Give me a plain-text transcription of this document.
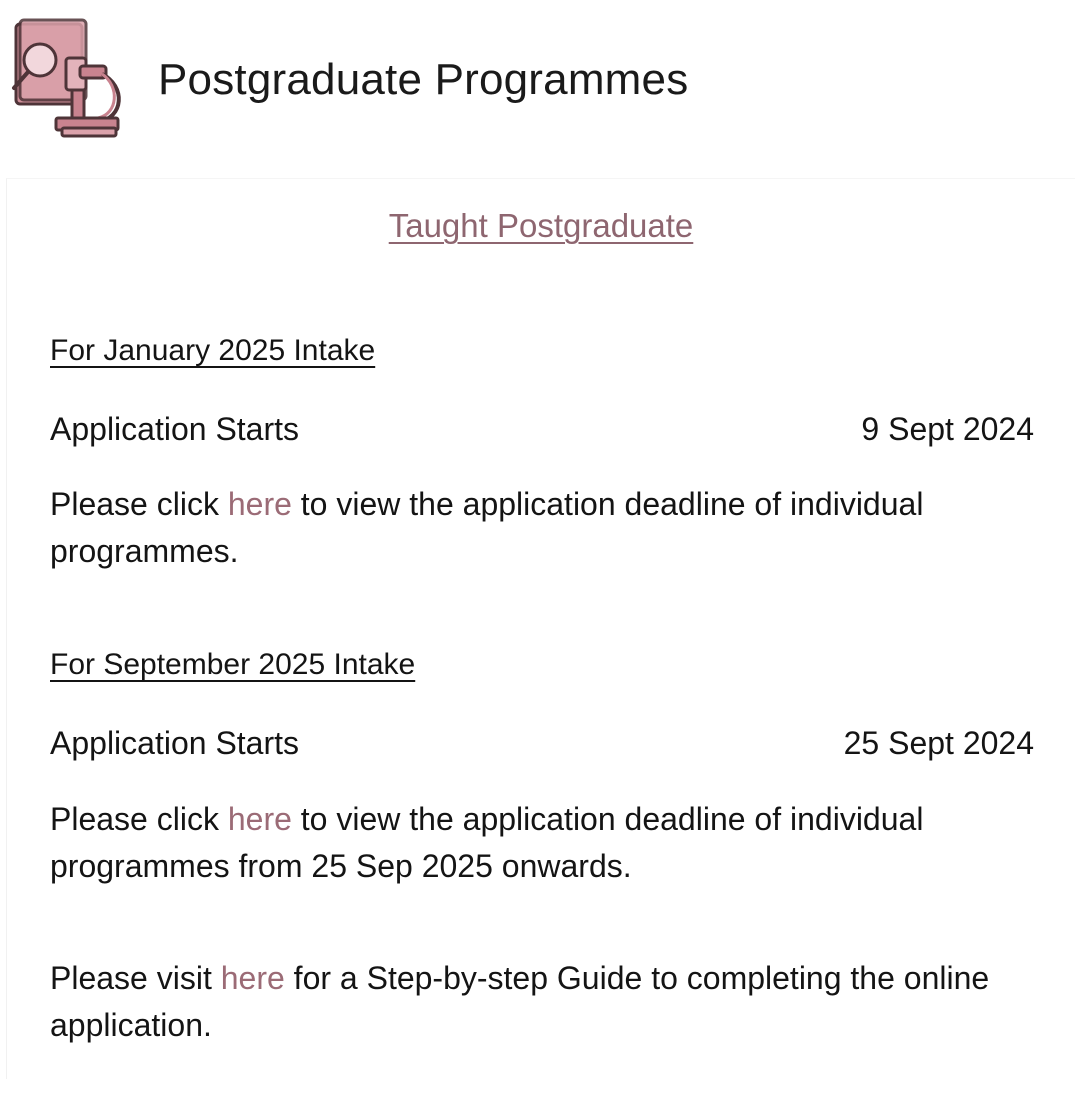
Postgraduate Programmes
Taught Postgraduate
For January 2025 Intake
Application Starts	9 Sept 2024
Please click here to view the application deadline of individual programmes.
For September 2025 Intake
Application Starts	25 Sept 2024
Please click here to view the application deadline of individual programmes from 25 Sep 2025 onwards.
Please visit here for a Step-by-step Guide to completing the online application.
